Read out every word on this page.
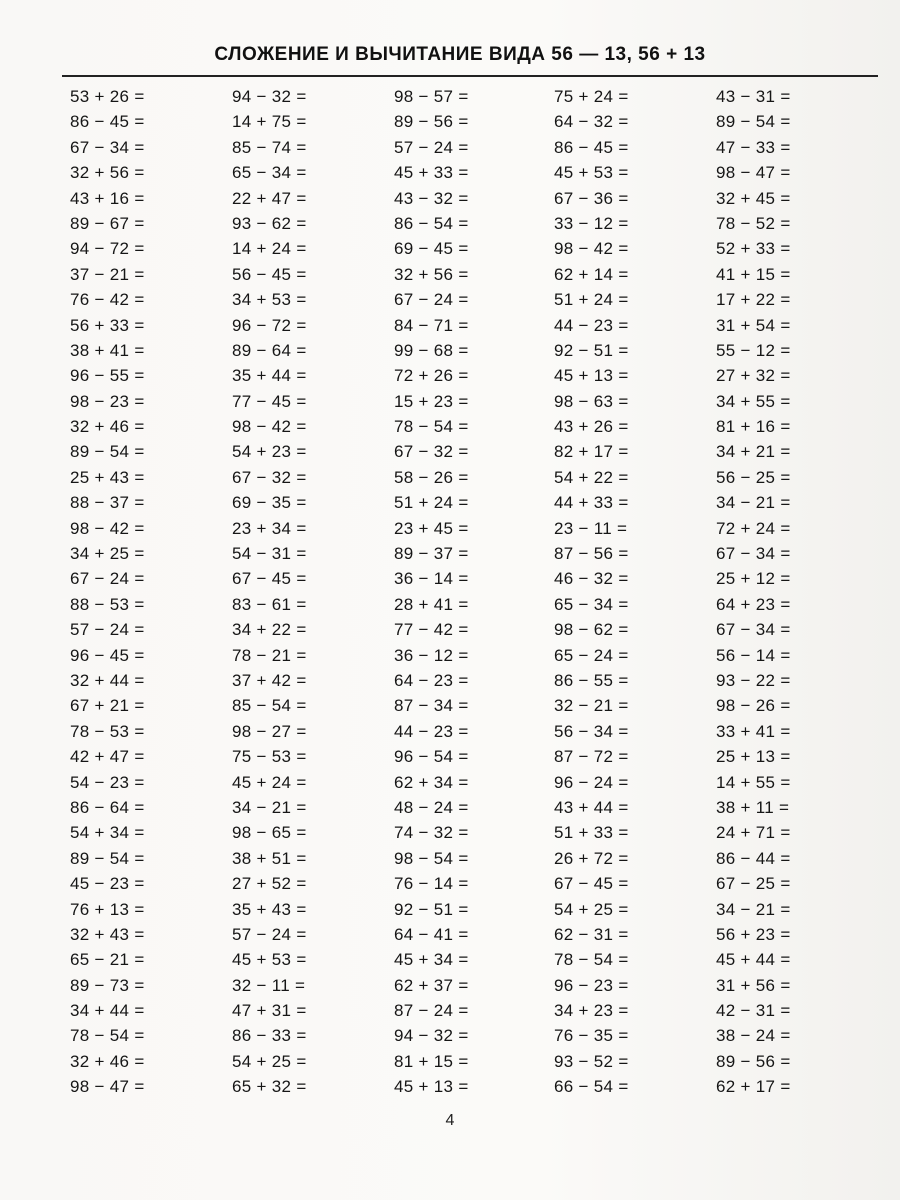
СЛОЖЕНИЕ И ВЫЧИТАНИЕ ВИДА 56 — 13, 56 + 13
53 + 26 =
86 − 45 =
67 − 34 =
32 + 56 =
43 + 16 =
89 − 67 =
94 − 72 =
37 − 21 =
76 − 42 =
56 + 33 =
38 + 41 =
96 − 55 =
98 − 23 =
32 + 46 =
89 − 54 =
25 + 43 =
88 − 37 =
98 − 42 =
34 + 25 =
67 − 24 =
88 − 53 =
57 − 24 =
96 − 45 =
32 + 44 =
67 + 21 =
78 − 53 =
42 + 47 =
54 − 23 =
86 − 64 =
54 + 34 =
89 − 54 =
45 − 23 =
76 + 13 =
32 + 43 =
65 − 21 =
89 − 73 =
34 + 44 =
78 − 54 =
32 + 46 =
98 − 47 =
94 − 32 =
14 + 75 =
85 − 74 =
65 − 34 =
22 + 47 =
93 − 62 =
14 + 24 =
56 − 45 =
34 + 53 =
96 − 72 =
89 − 64 =
35 + 44 =
77 − 45 =
98 − 42 =
54 + 23 =
67 − 32 =
69 − 35 =
23 + 34 =
54 − 31 =
67 − 45 =
83 − 61 =
34 + 22 =
78 − 21 =
37 + 42 =
85 − 54 =
98 − 27 =
75 − 53 =
45 + 24 =
34 − 21 =
98 − 65 =
38 + 51 =
27 + 52 =
35 + 43 =
57 − 24 =
45 + 53 =
32 − 11 =
47 + 31 =
86 − 33 =
54 + 25 =
65 + 32 =
98 − 57 =
89 − 56 =
57 − 24 =
45 + 33 =
43 − 32 =
86 − 54 =
69 − 45 =
32 + 56 =
67 − 24 =
84 − 71 =
99 − 68 =
72 + 26 =
15 + 23 =
78 − 54 =
67 − 32 =
58 − 26 =
51 + 24 =
23 + 45 =
89 − 37 =
36 − 14 =
28 + 41 =
77 − 42 =
36 − 12 =
64 − 23 =
87 − 34 =
44 − 23 =
96 − 54 =
62 + 34 =
48 − 24 =
74 − 32 =
98 − 54 =
76 − 14 =
92 − 51 =
64 − 41 =
45 + 34 =
62 + 37 =
87 − 24 =
94 − 32 =
81 + 15 =
45 + 13 =
75 + 24 =
64 − 32 =
86 − 45 =
45 + 53 =
67 − 36 =
33 − 12 =
98 − 42 =
62 + 14 =
51 + 24 =
44 − 23 =
92 − 51 =
45 + 13 =
98 − 63 =
43 + 26 =
82 + 17 =
54 + 22 =
44 + 33 =
23 − 11 =
87 − 56 =
46 − 32 =
65 − 34 =
98 − 62 =
65 − 24 =
86 − 55 =
32 − 21 =
56 − 34 =
87 − 72 =
96 − 24 =
43 + 44 =
51 + 33 =
26 + 72 =
67 − 45 =
54 + 25 =
62 − 31 =
78 − 54 =
96 − 23 =
34 + 23 =
76 − 35 =
93 − 52 =
66 − 54 =
43 − 31 =
89 − 54 =
47 − 33 =
98 − 47 =
32 + 45 =
78 − 52 =
52 + 33 =
41 + 15 =
17 + 22 =
31 + 54 =
55 − 12 =
27 + 32 =
34 + 55 =
81 + 16 =
34 + 21 =
56 − 25 =
34 − 21 =
72 + 24 =
67 − 34 =
25 + 12 =
64 + 23 =
67 − 34 =
56 − 14 =
93 − 22 =
98 − 26 =
33 + 41 =
25 + 13 =
14 + 55 =
38 + 11 =
24 + 71 =
86 − 44 =
67 − 25 =
34 − 21 =
56 + 23 =
45 + 44 =
31 + 56 =
42 − 31 =
38 − 24 =
89 − 56 =
62 + 17 =
4
